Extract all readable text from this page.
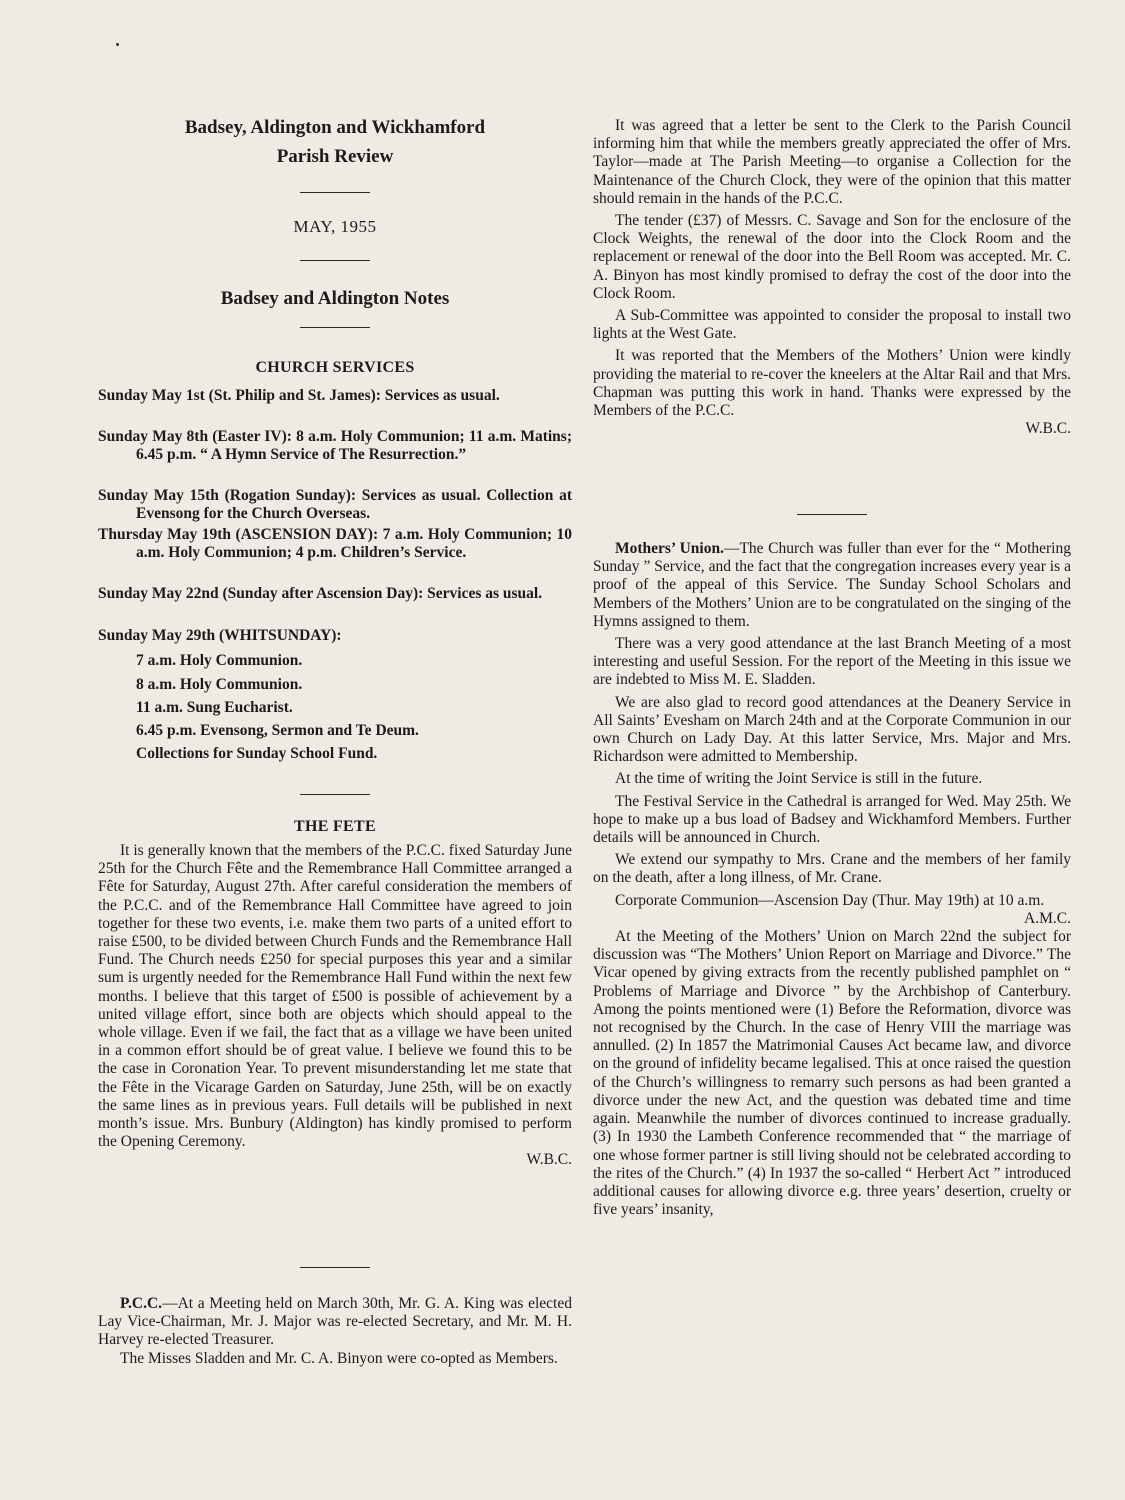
Badsey, Aldington and Wickhamford
Parish Review
MAY, 1955
Badsey and Aldington Notes
CHURCH SERVICES
Sunday May 1st (St. Philip and St. James): Services as usual.
Sunday May 8th (Easter IV): 8 a.m. Holy Communion; 11 a.m. Matins; 6.45 p.m. “ A Hymn Service of The Resurrection.”
Sunday May 15th (Rogation Sunday): Services as usual. Collection at Evensong for the Church Overseas.
Thursday May 19th (ASCENSION DAY): 7 a.m. Holy Communion; 10 a.m. Holy Communion; 4 p.m. Children’s Service.
Sunday May 22nd (Sunday after Ascension Day): Services as usual.
Sunday May 29th (WHITSUNDAY):
7 a.m. Holy Communion.
8 a.m. Holy Communion.
11 a.m. Sung Eucharist.
6.45 p.m. Evensong, Sermon and Te Deum.
Collections for Sunday School Fund.
THE FETE

It is generally known that the members of the P.C.C. fixed Saturday June 25th for the Church Fête and the Remembrance Hall Committee arranged a Fête for Saturday, August 27th. After careful consideration the members of the P.C.C. and of the Remembrance Hall Committee have agreed to join together for these two events, i.e. make them two parts of a united effort to raise £500, to be divided between Church Funds and the Remembrance Hall Fund. The Church needs £250 for special purposes this year and a similar sum is urgently needed for the Remembrance Hall Fund within the next few months. I believe that this target of £500 is possible of achievement by a united village effort, since both are objects which should appeal to the whole village. Even if we fail, the fact that as a village we have been united in a common effort should be of great value. I believe we found this to be the case in Coronation Year. To prevent misunderstanding let me state that the Fête in the Vicarage Garden on Saturday, June 25th, will be on exactly the same lines as in previous years. Full details will be published in next month’s issue. Mrs. Bunbury (Aldington) has kindly promised to perform the Opening Ceremony.

W.B.C.

P.C.C.—At a Meeting held on March 30th, Mr. G. A. King was elected Lay Vice-Chairman, Mr. J. Major was re-elected Secretary, and Mr. M. H. Harvey re-elected Treasurer.

The Misses Sladden and Mr. C. A. Binyon were co-opted as Members.

It was agreed that a letter be sent to the Clerk to the Parish Council informing him that while the members greatly appreciated the offer of Mrs. Taylor—made at The Parish Meeting—to organise a Collection for the Maintenance of the Church Clock, they were of the opinion that this matter should remain in the hands of the P.C.C.

The tender (£37) of Messrs. C. Savage and Son for the enclosure of the Clock Weights, the renewal of the door into the Clock Room and the replacement or renewal of the door into the Bell Room was accepted. Mr. C. A. Binyon has most kindly promised to defray the cost of the door into the Clock Room.

A Sub-Committee was appointed to consider the proposal to install two lights at the West Gate.

It was reported that the Members of the Mothers’ Union were kindly providing the material to re-cover the kneelers at the Altar Rail and that Mrs. Chapman was putting this work in hand. Thanks were expressed by the Members of the P.C.C.

W.B.C.

Mothers’ Union.—The Church was fuller than ever for the “ Mothering Sunday ” Service, and the fact that the congregation increases every year is a proof of the appeal of this Service. The Sunday School Scholars and Members of the Mothers’ Union are to be congratulated on the singing of the Hymns assigned to them.

There was a very good attendance at the last Branch Meeting of a most interesting and useful Session. For the report of the Meeting in this issue we are indebted to Miss M. E. Sladden.

We are also glad to record good attendances at the Deanery Service in All Saints’ Evesham on March 24th and at the Corporate Communion in our own Church on Lady Day. At this latter Service, Mrs. Major and Mrs. Richardson were admitted to Membership.

At the time of writing the Joint Service is still in the future.

The Festival Service in the Cathedral is arranged for Wed. May 25th. We hope to make up a bus load of Badsey and Wickhamford Members. Further details will be announced in Church.

We extend our sympathy to Mrs. Crane and the members of her family on the death, after a long illness, of Mr. Crane.

Corporate Communion—Ascension Day (Thur. May 19th) at 10 a.m.

A.M.C.

At the Meeting of the Mothers’ Union on March 22nd the subject for discussion was “The Mothers’ Union Report on Marriage and Divorce.” The Vicar opened by giving extracts from the recently published pamphlet on “ Problems of Marriage and Divorce ” by the Archbishop of Canterbury. Among the points mentioned were (1) Before the Reformation, divorce was not recognised by the Church. In the case of Henry VIII the marriage was annulled. (2) In 1857 the Matrimonial Causes Act became law, and divorce on the ground of infidelity became legalised. This at once raised the question of the Church’s willingness to remarry such persons as had been granted a divorce under the new Act, and the question was debated time and time again. Meanwhile the number of divorces continued to increase gradually. (3) In 1930 the Lambeth Conference recommended that “ the marriage of one whose former partner is still living should not be celebrated according to the rites of the Church.” (4) In 1937 the so-called “ Herbert Act ” introduced additional causes for allowing divorce e.g. three years’ desertion, cruelty or five years’ insanity,
